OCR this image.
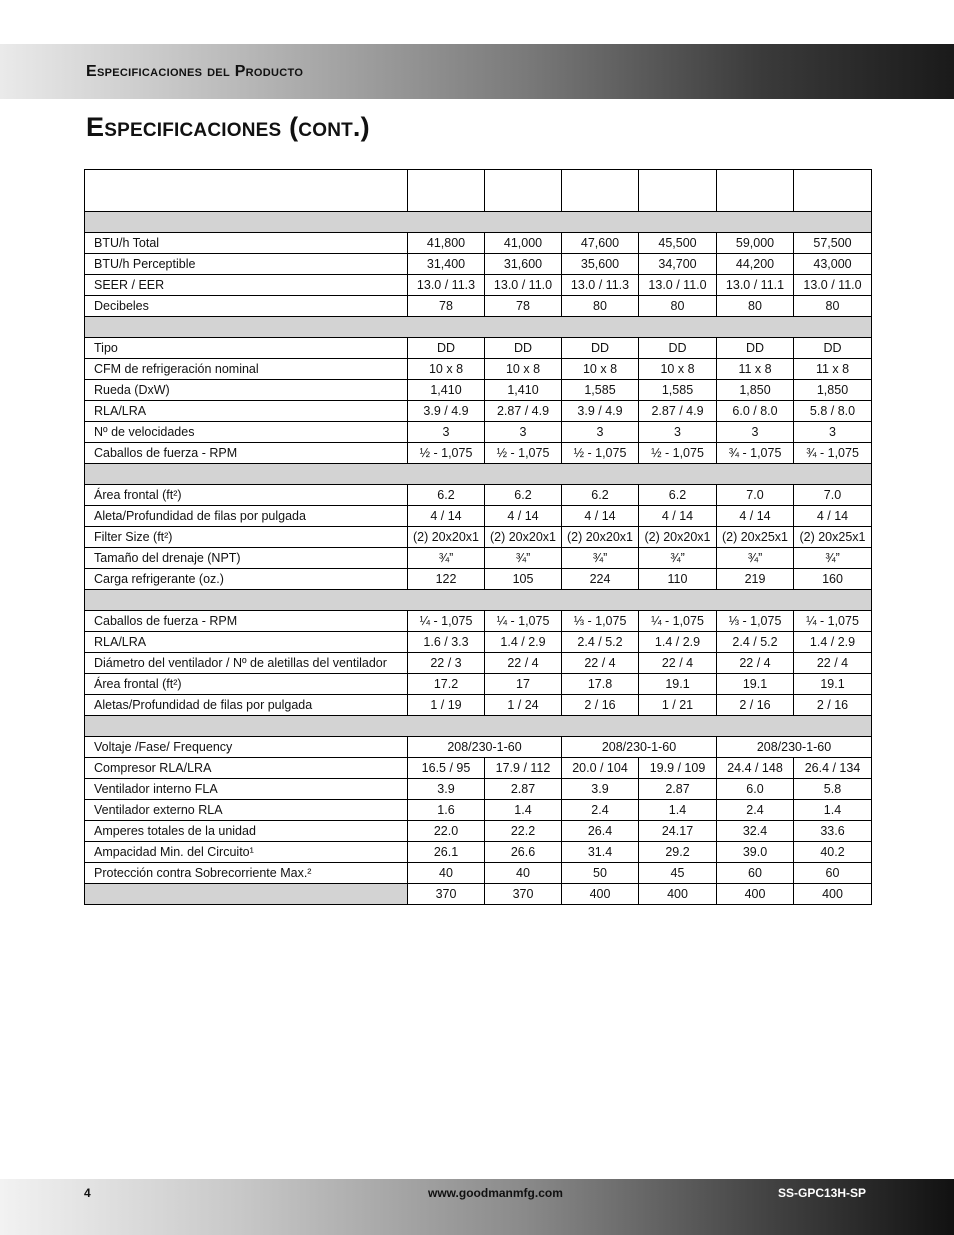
Especificaciones del Producto
Especificaciones (cont.)

BTU/h Total	41,800	41,000	47,600	45,500	59,000	57,500
BTU/h Perceptible	31,400	31,600	35,600	34,700	44,200	43,000
SEER / EER	13.0 / 11.3	13.0 / 11.0	13.0 / 11.3	13.0 / 11.0	13.0 / 11.1	13.0 / 11.0
Decibeles	78	78	80	80	80	80

Tipo	DD	DD	DD	DD	DD	DD
CFM de refrigeración nominal	10 x 8	10 x 8	10 x 8	10 x 8	11 x 8	11 x 8
Rueda (DxW)	1,410	1,410	1,585	1,585	1,850	1,850
RLA/LRA	3.9 / 4.9	2.87 / 4.9	3.9 / 4.9	2.87 / 4.9	6.0 / 8.0	5.8 / 8.0
Nº de velocidades	3	3	3	3	3	3
Caballos de fuerza - RPM	½ - 1,075	½ - 1,075	½ - 1,075	½ - 1,075	¾ - 1,075	¾ - 1,075

Área frontal (ft²)	6.2	6.2	6.2	6.2	7.0	7.0
Aleta/Profundidad de filas por pulgada	4 / 14	4 / 14	4 / 14	4 / 14	4 / 14	4 / 14
Filter Size (ft²)	(2) 20x20x1	(2) 20x20x1	(2) 20x20x1	(2) 20x20x1	(2) 20x25x1	(2) 20x25x1
Tamaño del drenaje (NPT)	¾”	¾”	¾”	¾”	¾”	¾”
Carga refrigerante (oz.)	122	105	224	110	219	160

Caballos de fuerza - RPM	¼ - 1,075	¼ - 1,075	⅓ - 1,075	¼ - 1,075	⅓ - 1,075	¼ - 1,075
RLA/LRA	1.6 / 3.3	1.4 / 2.9	2.4 / 5.2	1.4 / 2.9	2.4 / 5.2	1.4 / 2.9
Diámetro del ventilador / Nº de aletillas del ventilador	22 / 3	22 / 4	22 / 4	22 / 4	22 / 4	22 / 4
Área frontal (ft²)	17.2	17	17.8	19.1	19.1	19.1
Aletas/Profundidad de filas por pulgada	1 / 19	1 / 24	2 / 16	1 / 21	2 / 16	2 / 16

Voltaje /Fase/ Frequency	208/230-1-60		208/230-1-60		208/230-1-60	
Compresor RLA/LRA	16.5 / 95	17.9 / 112	20.0 / 104	19.9 / 109	24.4 / 148	26.4 / 134
Ventilador interno FLA	3.9	2.87	3.9	2.87	6.0	5.8
Ventilador externo RLA	1.6	1.4	2.4	1.4	2.4	1.4
Amperes totales de la unidad	22.0	22.2	26.4	24.17	32.4	33.6
Ampacidad Min. del Circuito¹	26.1	26.6	31.4	29.2	39.0	40.2
Protección contra Sobrecorriente Max.²	40	40	50	45	60	60
	370	370	400	400	400	400
4	www.goodmanmfg.com	SS-GPC13H-SP
